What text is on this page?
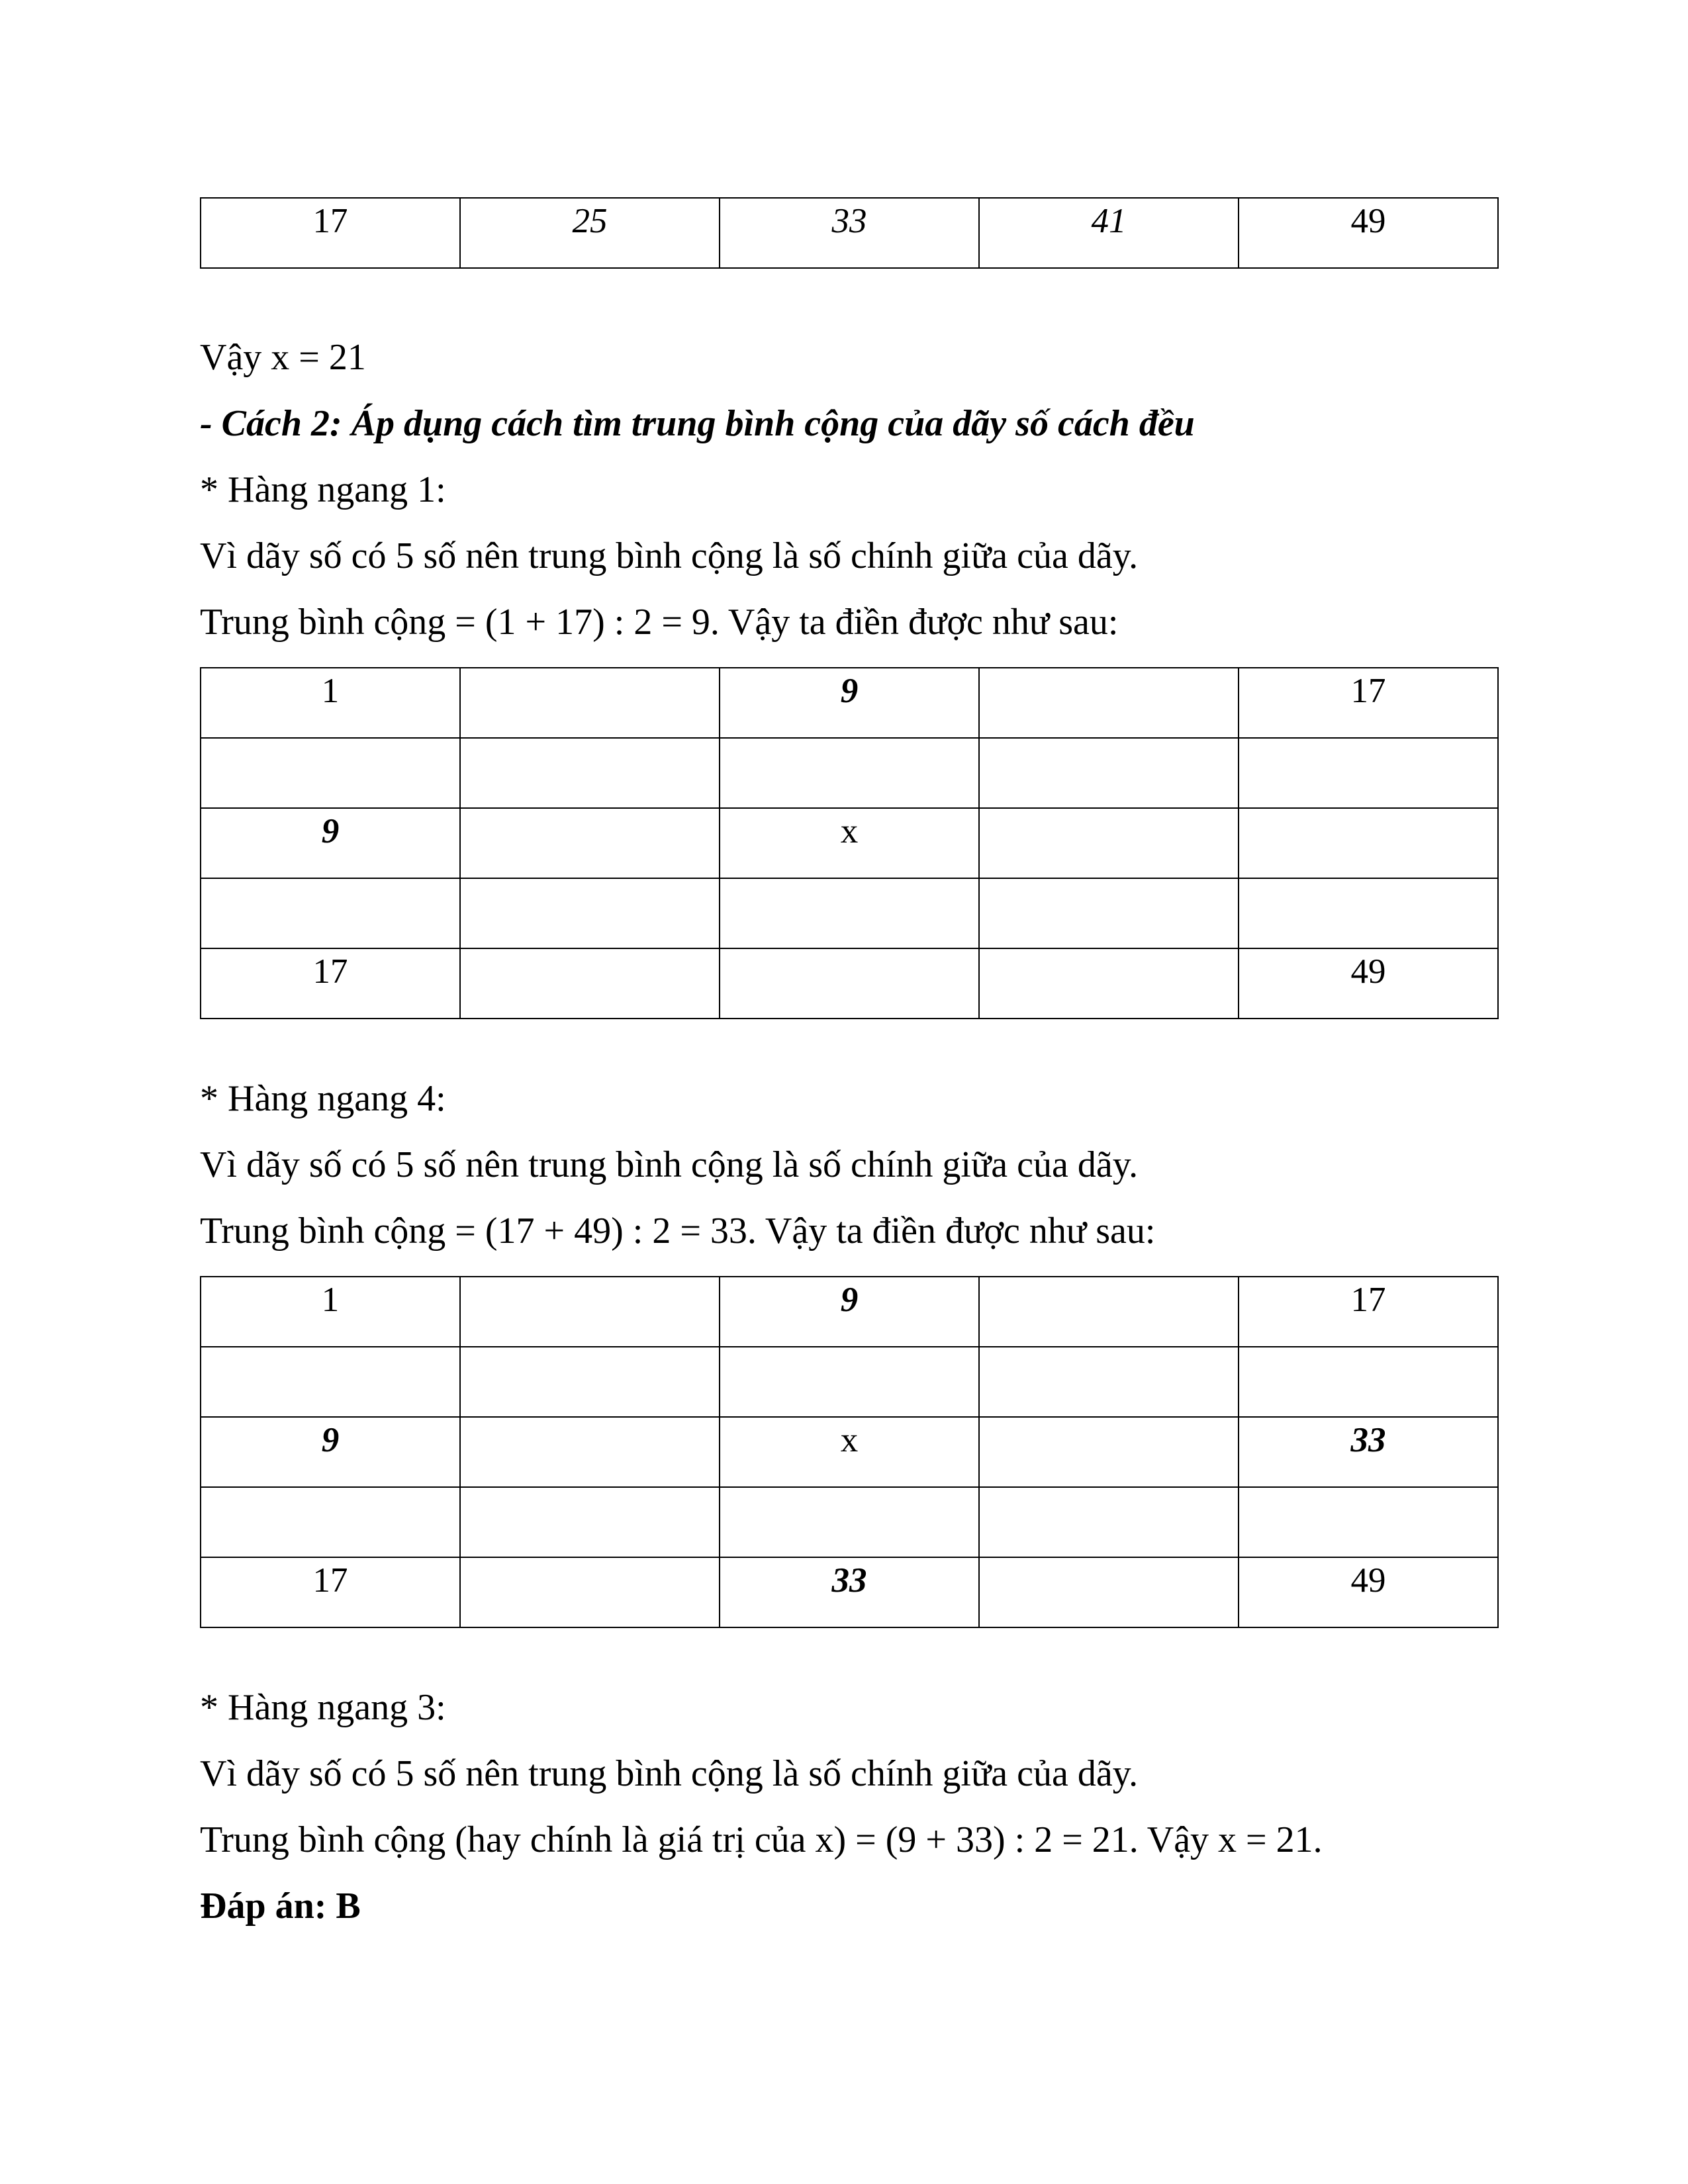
17	25	33	41	49

Vậy x = 21

- Cách 2: Áp dụng cách tìm trung bình cộng của dãy số cách đều

* Hàng ngang 1:

Vì dãy số có 5 số nên trung bình cộng là số chính giữa của dãy.

Trung bình cộng = (1 + 17) : 2 = 9. Vậy ta điền được như sau:

1		9		17

9		x		

17				49

* Hàng ngang 4:

Vì dãy số có 5 số nên trung bình cộng là số chính giữa của dãy.

Trung bình cộng = (17 + 49) : 2 = 33. Vậy ta điền được như sau:

1		9		17

9		x		33

17		33		49

* Hàng ngang 3:

Vì dãy số có 5 số nên trung bình cộng là số chính giữa của dãy.

Trung bình cộng (hay chính là giá trị của x) = (9 + 33) : 2 = 21. Vậy x = 21.

Đáp án: B
